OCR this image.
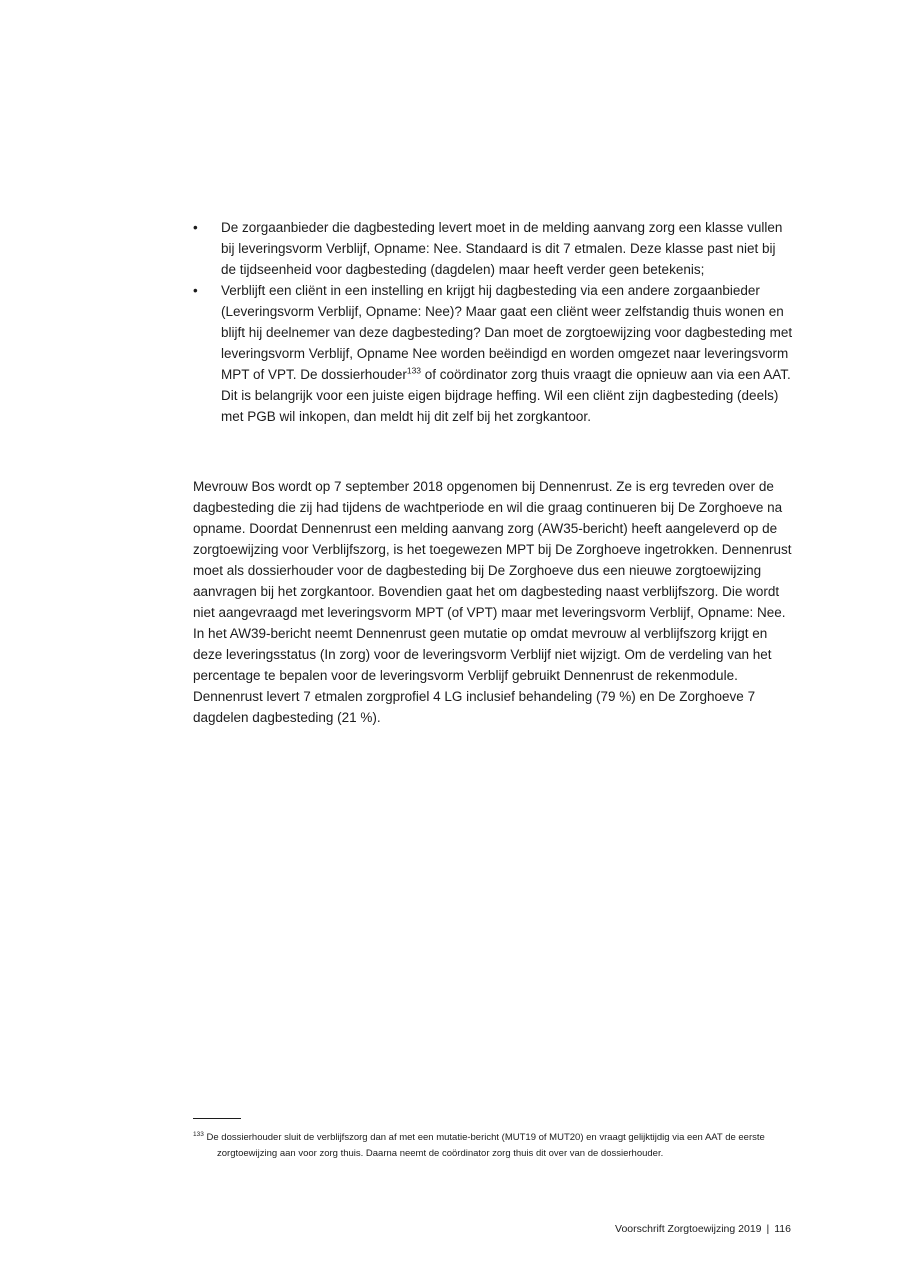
•	De zorgaanbieder die dagbesteding levert moet in de melding aanvang zorg een klasse vullen bij leveringsvorm Verblijf, Opname: Nee. Standaard is dit 7 etmalen. Deze klasse past niet bij de tijdseenheid voor dagbesteding (dagdelen) maar heeft verder geen betekenis;
•	Verblijft een cliënt in een instelling en krijgt hij dagbesteding via een andere zorgaanbieder (Leveringsvorm Verblijf, Opname: Nee)? Maar gaat een cliënt weer zelfstandig thuis wonen en blijft hij deelnemer van deze dagbesteding? Dan moet de zorgtoewijzing voor dagbesteding met leveringsvorm Verblijf, Opname Nee worden beëindigd en worden omgezet naar leveringsvorm MPT of VPT. De dossierhouder$^{133}$ of coördinator zorg thuis vraagt die opnieuw aan via een AAT. Dit is belangrijk voor een juiste eigen bijdrage heffing. Wil een cliënt zijn dagbesteding (deels) met PGB wil inkopen, dan meldt hij dit zelf bij het zorgkantoor.

Mevrouw Bos wordt op 7 september 2018 opgenomen bij Dennenrust. Ze is erg tevreden over de dagbesteding die zij had tijdens de wachtperiode en wil die graag continueren bij De Zorghoeve na opname. Doordat Dennenrust een melding aanvang zorg (AW35-bericht) heeft aangeleverd op de zorgtoewijzing voor Verblijfszorg, is het toegewezen MPT bij De Zorghoeve ingetrokken. Dennenrust moet als dossierhouder voor de dagbesteding bij De Zorghoeve dus een nieuwe zorgtoewijzing aanvragen bij het zorgkantoor. Bovendien gaat het om dagbesteding naast verblijfszorg. Die wordt niet aangevraagd met leveringsvorm MPT (of VPT) maar met leveringsvorm Verblijf, Opname: Nee. In het AW39-bericht neemt Dennenrust geen mutatie op omdat mevrouw al verblijfszorg krijgt en deze leveringsstatus (In zorg) voor de leveringsvorm Verblijf niet wijzigt. Om de verdeling van het percentage te bepalen voor de leveringsvorm Verblijf gebruikt Dennenrust de rekenmodule. Dennenrust levert 7 etmalen zorgprofiel 4 LG inclusief behandeling (79 %) en De Zorghoeve 7 dagdelen dagbesteding (21 %).

$^{133}$ De dossierhouder sluit de verblijfszorg dan af met een mutatie-bericht (MUT19 of MUT20) en vraagt gelijktijdig via een AAT de eerste zorgtoewijzing aan voor zorg thuis. Daarna neemt de coördinator zorg thuis dit over van de dossierhouder.

Voorschrift Zorgtoewijzing 2019 | 116
